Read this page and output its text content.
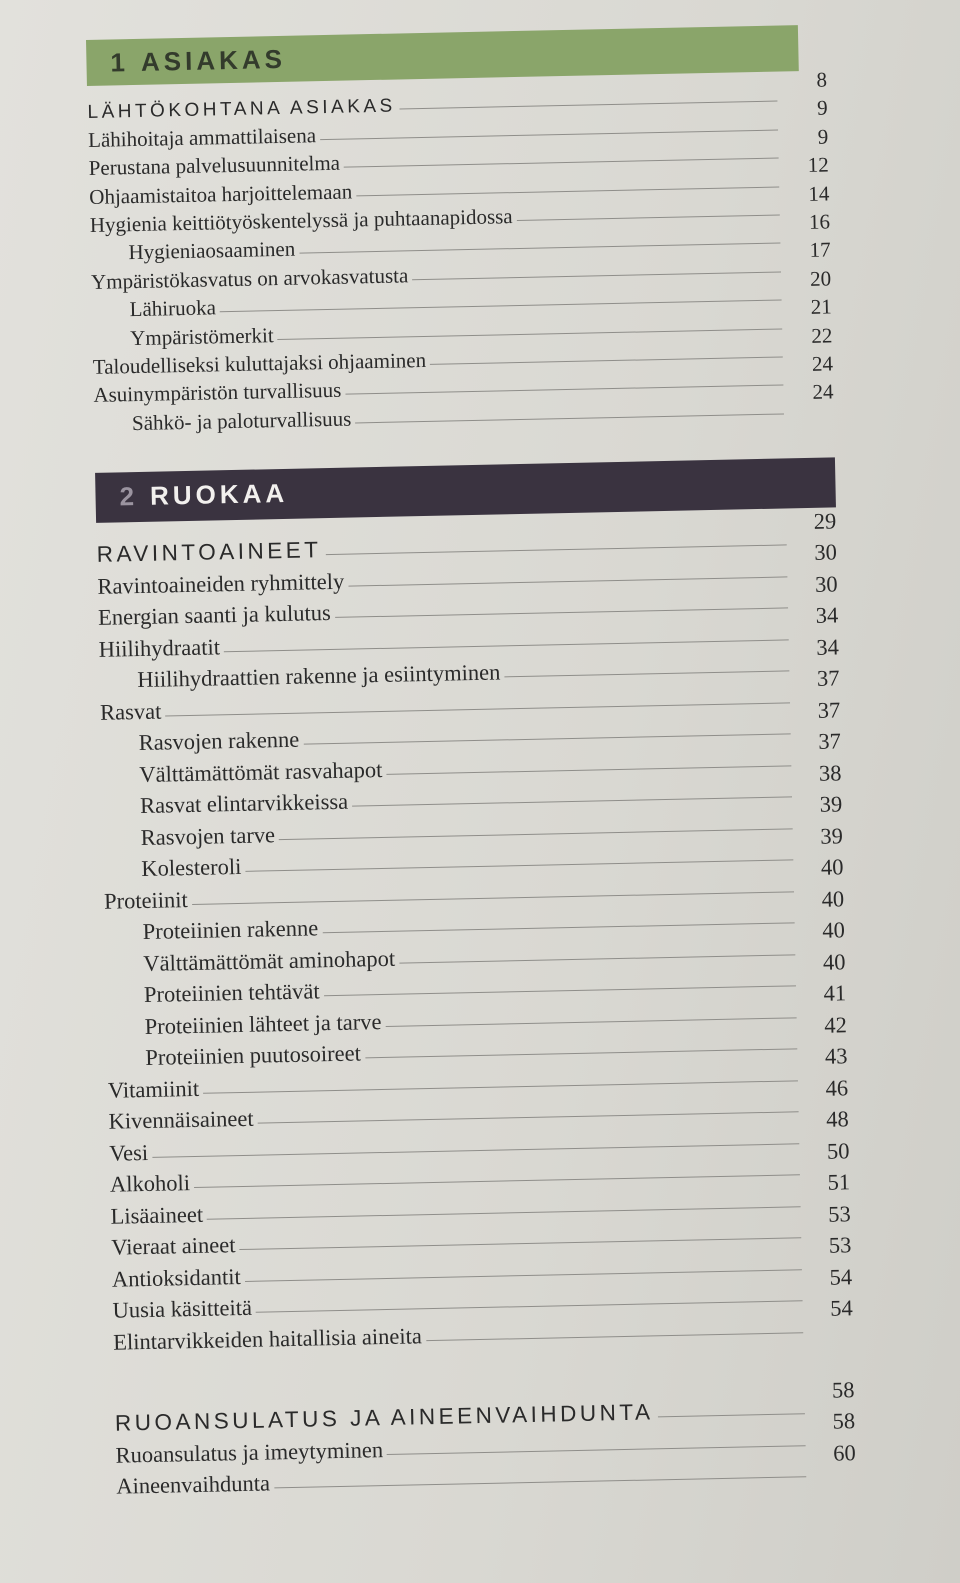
1 ASIAKAS
LÄHTÖKOHTANA ASIAKAS
8
Lähihoitaja ammattilaisena
9
Perustana palvelusuunnitelma
9
Ohjaamistaitoa harjoittelemaan
12
Hygienia keittiötyöskentelyssä ja puhtaanapidossa
14
Hygieniaosaaminen
16
Ympäristökasvatus on arvokasvatusta
17
Lähiruoka
20
Ympäristömerkit
21
Taloudelliseksi kuluttajaksi ohjaaminen
22
Asuinympäristön turvallisuus
24
Sähkö- ja paloturvallisuus
24
2 RUOKAA
RAVINTOAINEET
29
Ravintoaineiden ryhmittely
30
Energian saanti ja kulutus
30
Hiilihydraatit
34
Hiilihydraattien rakenne ja esiintyminen
34
Rasvat
37
Rasvojen rakenne
37
Välttämättömät rasvahapot
37
Rasvat elintarvikkeissa
38
Rasvojen tarve
39
Kolesteroli
39
Proteiinit
40
Proteiinien rakenne
40
Välttämättömät aminohapot
40
Proteiinien tehtävät
40
Proteiinien lähteet ja tarve
41
Proteiinien puutosoireet
42
Vitamiinit
43
Kivennäisaineet
46
Vesi
48
Alkoholi
50
Lisäaineet
51
Vieraat aineet
53
Antioksidantit
53
Uusia käsitteitä
54
Elintarvikkeiden haitallisia aineita
54
RUOANSULATUS JA AINEENVAIHDUNTA
58
Ruoansulatus ja imeytyminen
58
Aineenvaihdunta
60
